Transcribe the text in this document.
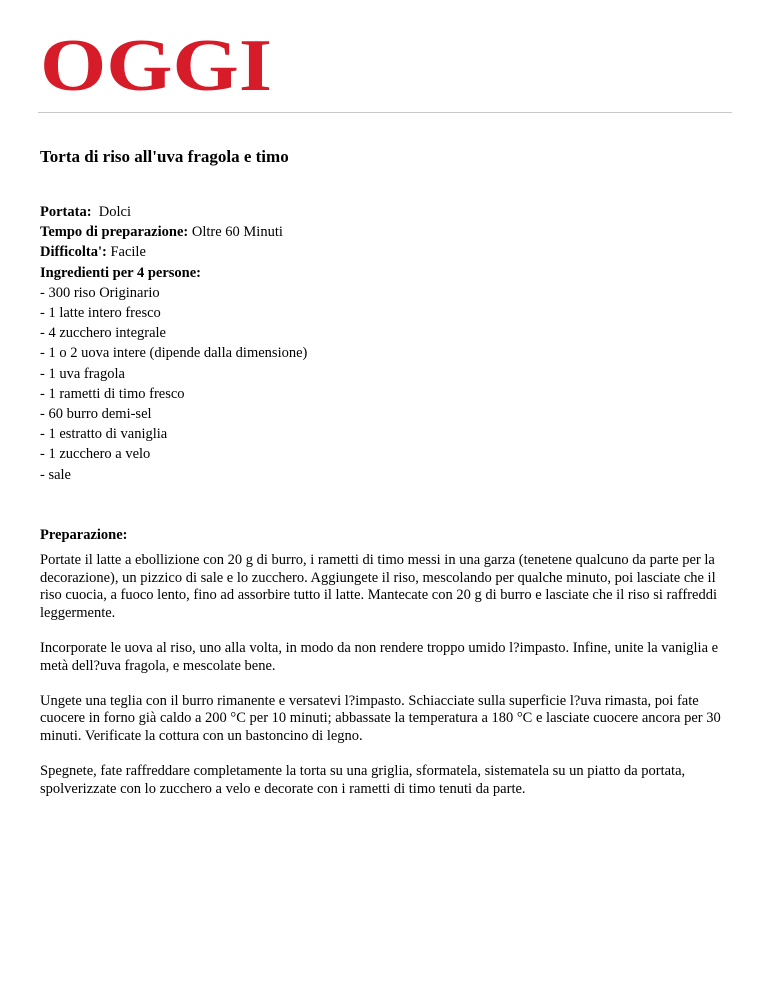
OGGI
Torta di riso all'uva fragola e timo
Portata: Dolci
Tempo di preparazione: Oltre 60 Minuti
Difficolta': Facile
Ingredienti per 4 persone:
- 300 riso Originario
- 1 latte intero fresco
- 4 zucchero integrale
- 1 o 2 uova intere (dipende dalla dimensione)
- 1 uva fragola
- 1 rametti di timo fresco
- 60 burro demi-sel
- 1 estratto di vaniglia
- 1 zucchero a velo
- sale
Preparazione:

Portate il latte a ebollizione con 20 g di burro, i rametti di timo messi in una garza (tenetene qualcuno da parte per la decorazione), un pizzico di sale e lo zucchero. Aggiungete il riso, mescolando per qualche minuto, poi lasciate che il riso cuocia, a fuoco lento, fino ad assorbire tutto il latte. Mantecate con 20 g di burro e lasciate che il riso si raffreddi leggermente.

Incorporate le uova al riso, uno alla volta, in modo da non rendere troppo umido l?impasto. Infine, unite la vaniglia e metà dell?uva fragola, e mescolate bene.

Ungete una teglia con il burro rimanente e versatevi l?impasto. Schiacciate sulla superficie l?uva rimasta, poi fate cuocere in forno già caldo a 200 °C per 10 minuti; abbassate la temperatura a 180 °C e lasciate cuocere ancora per 30 minuti. Verificate la cottura con un bastoncino di legno.

Spegnete, fate raffreddare completamente la torta su una griglia, sformatela, sistematela su un piatto da portata, spolverizzate con lo zucchero a velo e decorate con i rametti di timo tenuti da parte.
